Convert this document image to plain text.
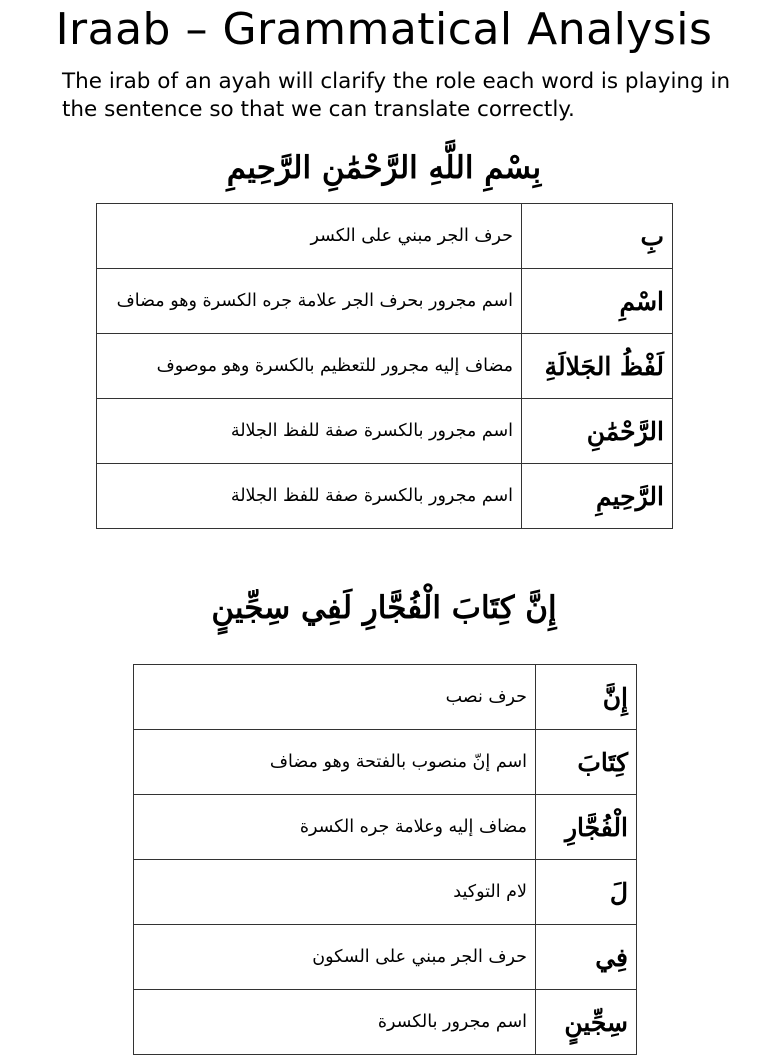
Iraab – Grammatical Analysis

The irab of an ayah will clarify the role each word is playing in the sentence so that we can translate correctly.

بِسْمِ اللَّهِ الرَّحْمَٰنِ الرَّحِيمِ
بِ	حرف الجر مبني على الكسر
اسْمِ	اسم مجرور بحرف الجر علامة جره الكسرة وهو مضاف
لَفْظُ الجَلالَةِ	مضاف إليه مجرور للتعظيم بالكسرة وهو موصوف
الرَّحْمَٰنِ	اسم مجرور بالكسرة صفة للفظ الجلالة
الرَّحِيمِ	اسم مجرور بالكسرة صفة للفظ الجلالة
إِنَّ كِتَابَ الْفُجَّارِ لَفِي سِجِّينٍ
إِنَّ	حرف نصب
كِتَابَ	اسم إنّ منصوب بالفتحة وهو مضاف
الْفُجَّارِ	مضاف إليه وعلامة جره الكسرة
لَ	لام التوكيد
فِي	حرف الجر مبني على السكون
سِجِّينٍ	اسم مجرور بالكسرة
